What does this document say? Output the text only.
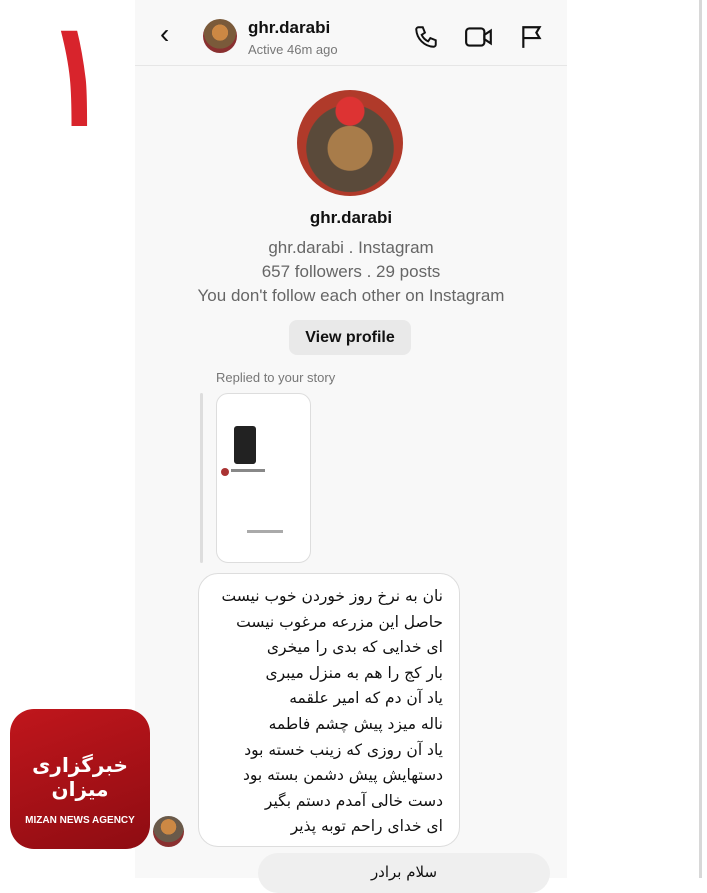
۱ ‹	ghr.darabi
Active 46m ago
ghr.darabi
ghr.darabi . Instagram
657 followers . 29 posts
You don't follow each other on Instagram
View profile
Replied to your story
نان به نرخ روز خوردن خوب نیست
حاصل این مزرعه مرغوب نیست
ای خدایی که بدی را میخری
بار کج را هم به منزل میبری
یاد آن دم که امیر علقمه
ناله میزد پیش چشم فاطمه
یاد آن روزی که زینب خسته بود
دستهایش پیش دشمن بسته بود
دست خالی آمدم دستم بگیر
ای خدای راحم توبه پذیر
سلام برادر
خبرگزاری میزان
MIZAN NEWS AGENCY
